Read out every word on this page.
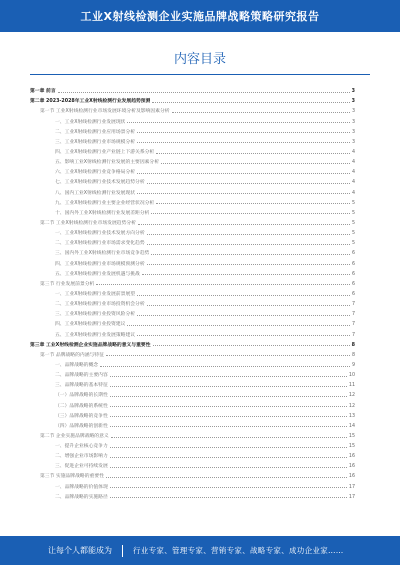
工业X射线检测企业实施品牌战略策略研究报告
内容目录
第一章 前言	3
第二章 2023-2028年工业X射线检测行业发展趋势预测	3
第一节 工业X射线检测行业市场发展环境分析及影响因素分析	3
一、工业X射线检测行业发展现状	3
二、工业X射线检测行业应用场景分析	3
三、工业X射线检测行业市场规模分析	3
四、工业X射线检测行业产业链上下游关系分析	4
五、影响工业X射线检测行业发展的主要因素分析	4
六、工业X射线检测行业竞争格局分析	4
七、工业X射线检测行业技术发展趋势分析	4
八、国内工业X射线检测行业发展现状	4
九、工业X射线检测行业主要企业经营状况分析	5
十、国内外工业X射线检测行业发展差距分析	5
第二节 工业X射线检测行业市场发展趋势分析	5
一、工业X射线检测行业技术发展方向分析	5
二、工业X射线检测行业市场需求变化趋势	5
三、国内外工业X射线检测行业市场竞争趋势	6
四、工业X射线检测行业市场规模预测分析	6
五、工业X射线检测行业发展机遇与挑战	6
第三节 行业发展前景分析	6
一、工业X射线检测行业发展前景展望	6
二、工业X射线检测行业市场投资机会分析	7
三、工业X射线检测行业投资风险分析	7
四、工业X射线检测行业投资建议	7
五、工业X射线检测行业发展策略建议	7
第三章 工业X射线检测企业实施品牌战略的意义与重要性	8
第一节 品牌战略的内涵与特征	8
一、品牌战略的概念	9
二、品牌战略的主要内容	10
三、品牌战略的基本特征	11
（一）品牌战略的长期性	12
（二）品牌战略的系统性	12
（三）品牌战略的竞争性	13
（四）品牌战略的创新性	14
第二节 企业实施品牌战略的意义	15
一、提升企业核心竞争力	15
二、增强企业市场影响力	16
三、促进企业可持续发展	16
第三节 实施品牌战略的重要性	16
一、品牌战略的价值体现	17
二、品牌战略的实施路径	17
让每个人都能成为	行业专家、管理专家、营销专家、战略专家、成功企业家……
